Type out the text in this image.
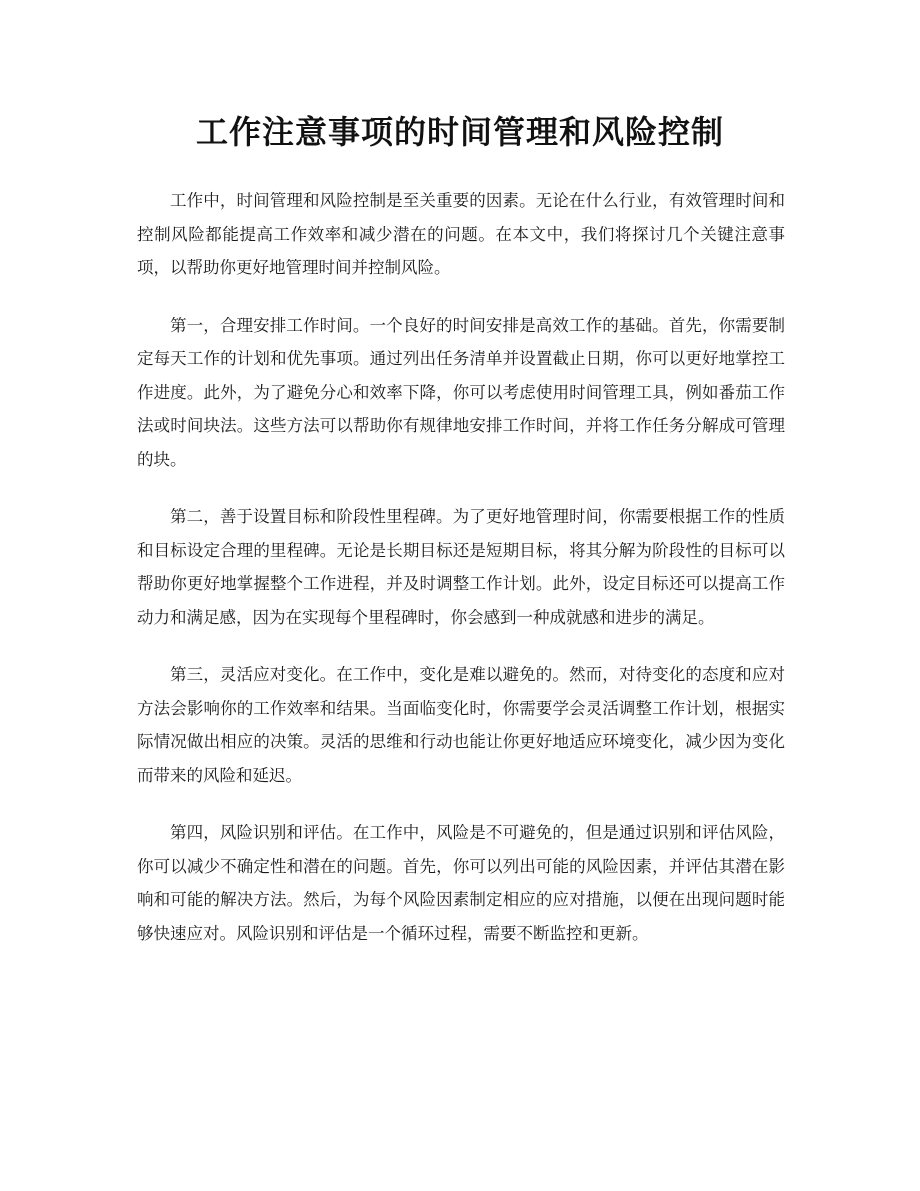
工作注意事项的时间管理和风险控制

工作中，时间管理和风险控制是至关重要的因素。无论在什么行业，有效管理时间和控制风险都能提高工作效率和减少潜在的问题。在本文中，我们将探讨几个关键注意事项，以帮助你更好地管理时间并控制风险。

第一，合理安排工作时间。一个良好的时间安排是高效工作的基础。首先，你需要制定每天工作的计划和优先事项。通过列出任务清单并设置截止日期，你可以更好地掌控工作进度。此外，为了避免分心和效率下降，你可以考虑使用时间管理工具，例如番茄工作法或时间块法。这些方法可以帮助你有规律地安排工作时间，并将工作任务分解成可管理的块。

第二，善于设置目标和阶段性里程碑。为了更好地管理时间，你需要根据工作的性质和目标设定合理的里程碑。无论是长期目标还是短期目标，将其分解为阶段性的目标可以帮助你更好地掌握整个工作进程，并及时调整工作计划。此外，设定目标还可以提高工作动力和满足感，因为在实现每个里程碑时，你会感到一种成就感和进步的满足。

第三，灵活应对变化。在工作中，变化是难以避免的。然而，对待变化的态度和应对方法会影响你的工作效率和结果。当面临变化时，你需要学会灵活调整工作计划，根据实际情况做出相应的决策。灵活的思维和行动也能让你更好地适应环境变化，减少因为变化而带来的风险和延迟。

第四，风险识别和评估。在工作中，风险是不可避免的，但是通过识别和评估风险，你可以减少不确定性和潜在的问题。首先，你可以列出可能的风险因素，并评估其潜在影响和可能的解决方法。然后，为每个风险因素制定相应的应对措施，以便在出现问题时能够快速应对。风险识别和评估是一个循环过程，需要不断监控和更新。
